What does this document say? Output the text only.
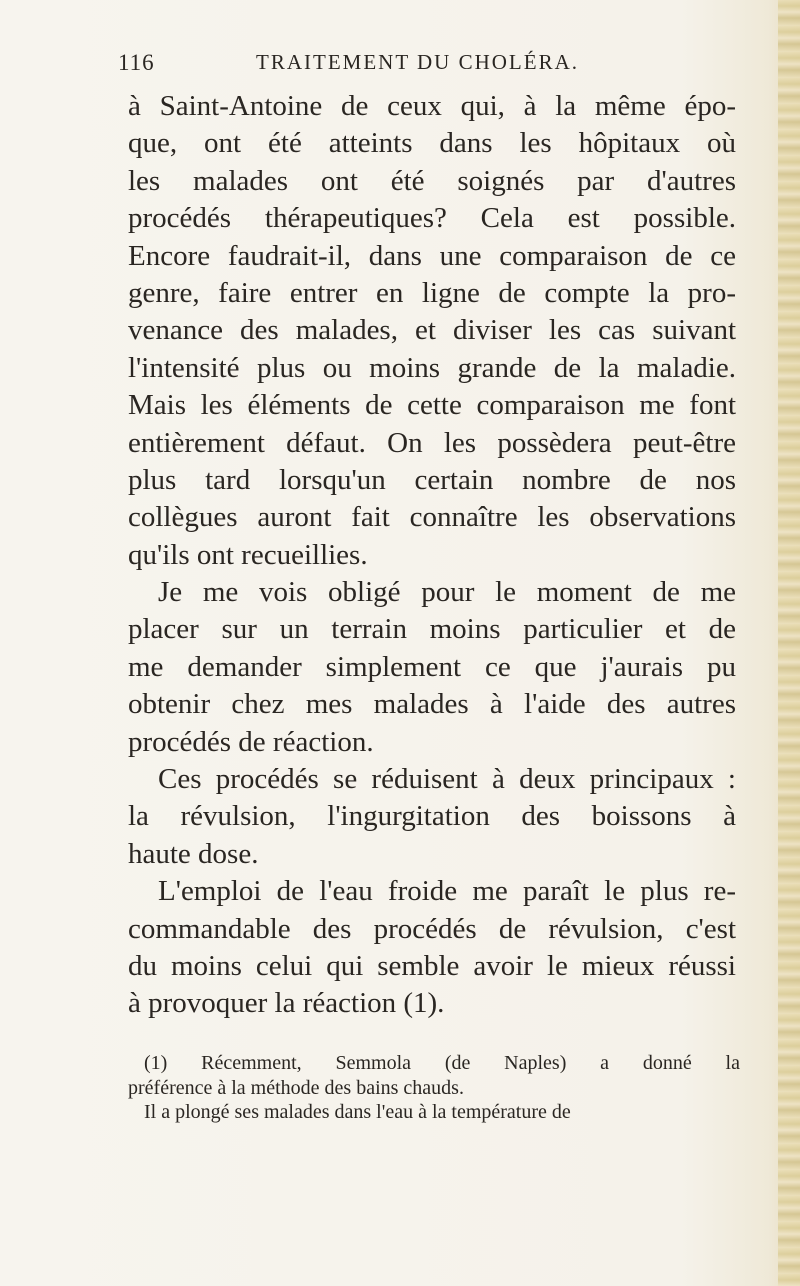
116	TRAITEMENT DU CHOLÉRA.
à Saint-Antoine de ceux qui, à la même épo-
que, ont été atteints dans les hôpitaux où
les malades ont été soignés par d'autres
procédés thérapeutiques? Cela est possible.
Encore faudrait-il, dans une comparaison de ce
genre, faire entrer en ligne de compte la pro-
venance des malades, et diviser les cas suivant
l'intensité plus ou moins grande de la maladie.
Mais les éléments de cette comparaison me font
entièrement défaut. On les possèdera peut-être
plus tard lorsqu'un certain nombre de nos
collègues auront fait connaître les observations
qu'ils ont recueillies.
Je me vois obligé pour le moment de me
placer sur un terrain moins particulier et de
me demander simplement ce que j'aurais pu
obtenir chez mes malades à l'aide des autres
procédés de réaction.
Ces procédés se réduisent à deux principaux :
la révulsion, l'ingurgitation des boissons à
haute dose.
L'emploi de l'eau froide me paraît le plus re-
commandable des procédés de révulsion, c'est
du moins celui qui semble avoir le mieux réussi
à provoquer la réaction (1).
(1) Récemment, Semmola (de Naples) a donné la
préférence à la méthode des bains chauds.
Il a plongé ses malades dans l'eau à la température de
